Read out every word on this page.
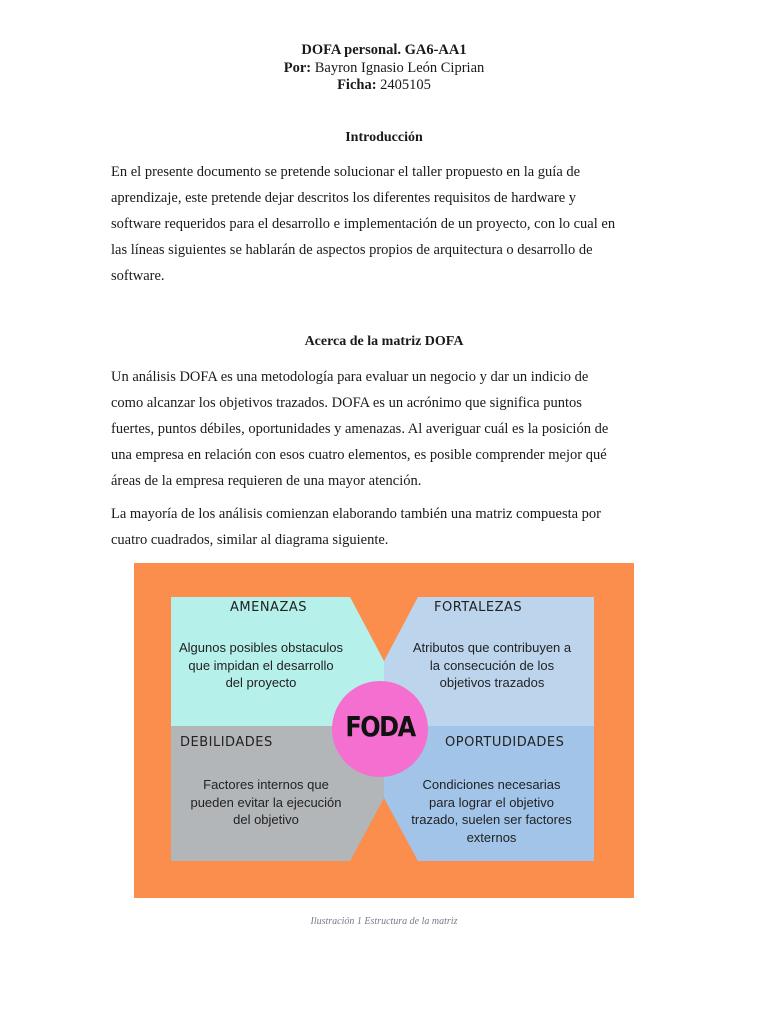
DOFA personal. GA6-AA1
Por: Bayron Ignasio León Ciprian
Ficha: 2405105
Introducción

En el presente documento se pretende solucionar el taller propuesto en la guía de
aprendizaje, este pretende dejar descritos los diferentes requisitos de hardware y
software requeridos para el desarrollo e implementación de un proyecto, con lo cual en
las líneas siguientes se hablarán de aspectos propios de arquitectura o desarrollo de
software.

Acerca de la matriz DOFA

Un análisis DOFA es una metodología para evaluar un negocio y dar un indicio de
como alcanzar los objetivos trazados. DOFA es un acrónimo que significa puntos
fuertes, puntos débiles, oportunidades y amenazas. Al averiguar cuál es la posición de
una empresa en relación con esos cuatro elementos, es posible comprender mejor qué
áreas de la empresa requieren de una mayor atención.

La mayoría de los análisis comienzan elaborando también una matriz compuesta por
cuatro cuadrados, similar al diagrama siguiente.

AMENAZAS
Algunos posibles obstaculos
que impidan el desarrollo
del proyecto
FORTALEZAS
Atributos que contribuyen a
la consecución de los
objetivos trazados
DEBILIDADES
Factores internos que
pueden evitar la ejecución
del objetivo
OPORTUDIDADES
Condiciones necesarias
para lograr el objetivo
trazado, suelen ser factores
externos
FODA
Ilustración 1 Estructura de la matriz
